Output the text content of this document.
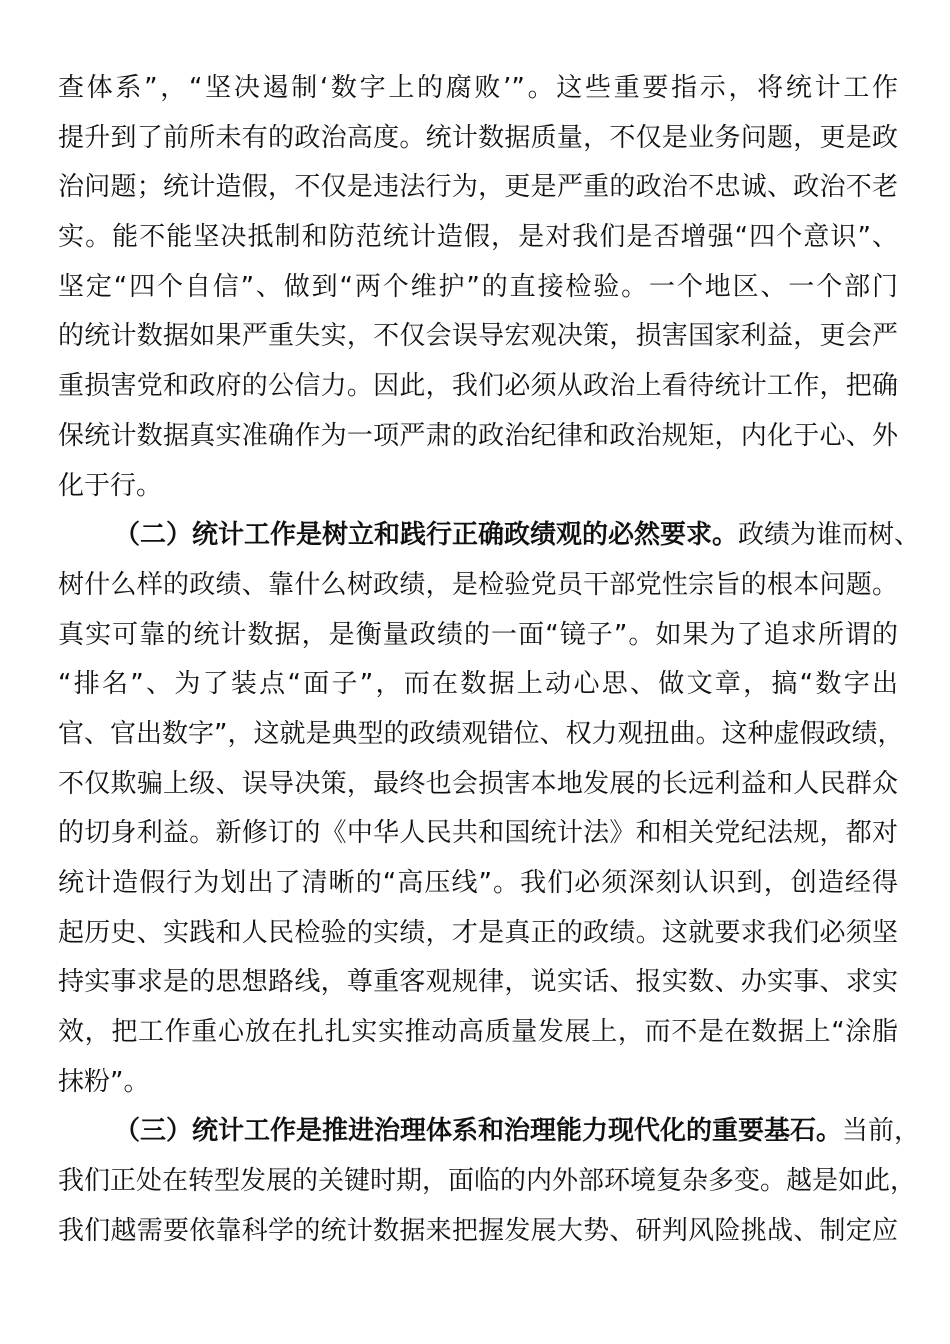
查体系”，“坚决遏制‘数字上的腐败’”。这些重要指示，将统计工作
提升到了前所未有的政治高度。统计数据质量，不仅是业务问题，更是政
治问题；统计造假，不仅是违法行为，更是严重的政治不忠诚、政治不老
实。能不能坚决抵制和防范统计造假，是对我们是否增强“四个意识”、
坚定“四个自信”、做到“两个维护”的直接检验。一个地区、一个部门
的统计数据如果严重失实，不仅会误导宏观决策，损害国家利益，更会严
重损害党和政府的公信力。因此，我们必须从政治上看待统计工作，把确
保统计数据真实准确作为一项严肃的政治纪律和政治规矩，内化于心、外
化于行。
（二）统计工作是树立和践行正确政绩观的必然要求。政绩为谁而树、
树什么样的政绩、靠什么树政绩，是检验党员干部党性宗旨的根本问题。
真实可靠的统计数据，是衡量政绩的一面“镜子”。如果为了追求所谓的
“排名”、为了装点“面子”，而在数据上动心思、做文章，搞“数字出
官、官出数字”，这就是典型的政绩观错位、权力观扭曲。这种虚假政绩，
不仅欺骗上级、误导决策，最终也会损害本地发展的长远利益和人民群众
的切身利益。新修订的《中华人民共和国统计法》和相关党纪法规，都对
统计造假行为划出了清晰的“高压线”。我们必须深刻认识到，创造经得
起历史、实践和人民检验的实绩，才是真正的政绩。这就要求我们必须坚
持实事求是的思想路线，尊重客观规律，说实话、报实数、办实事、求实
效，把工作重心放在扎扎实实推动高质量发展上，而不是在数据上“涂脂
抹粉”。
（三）统计工作是推进治理体系和治理能力现代化的重要基石。当前，
我们正处在转型发展的关键时期，面临的内外部环境复杂多变。越是如此，
我们越需要依靠科学的统计数据来把握发展大势、研判风险挑战、制定应
